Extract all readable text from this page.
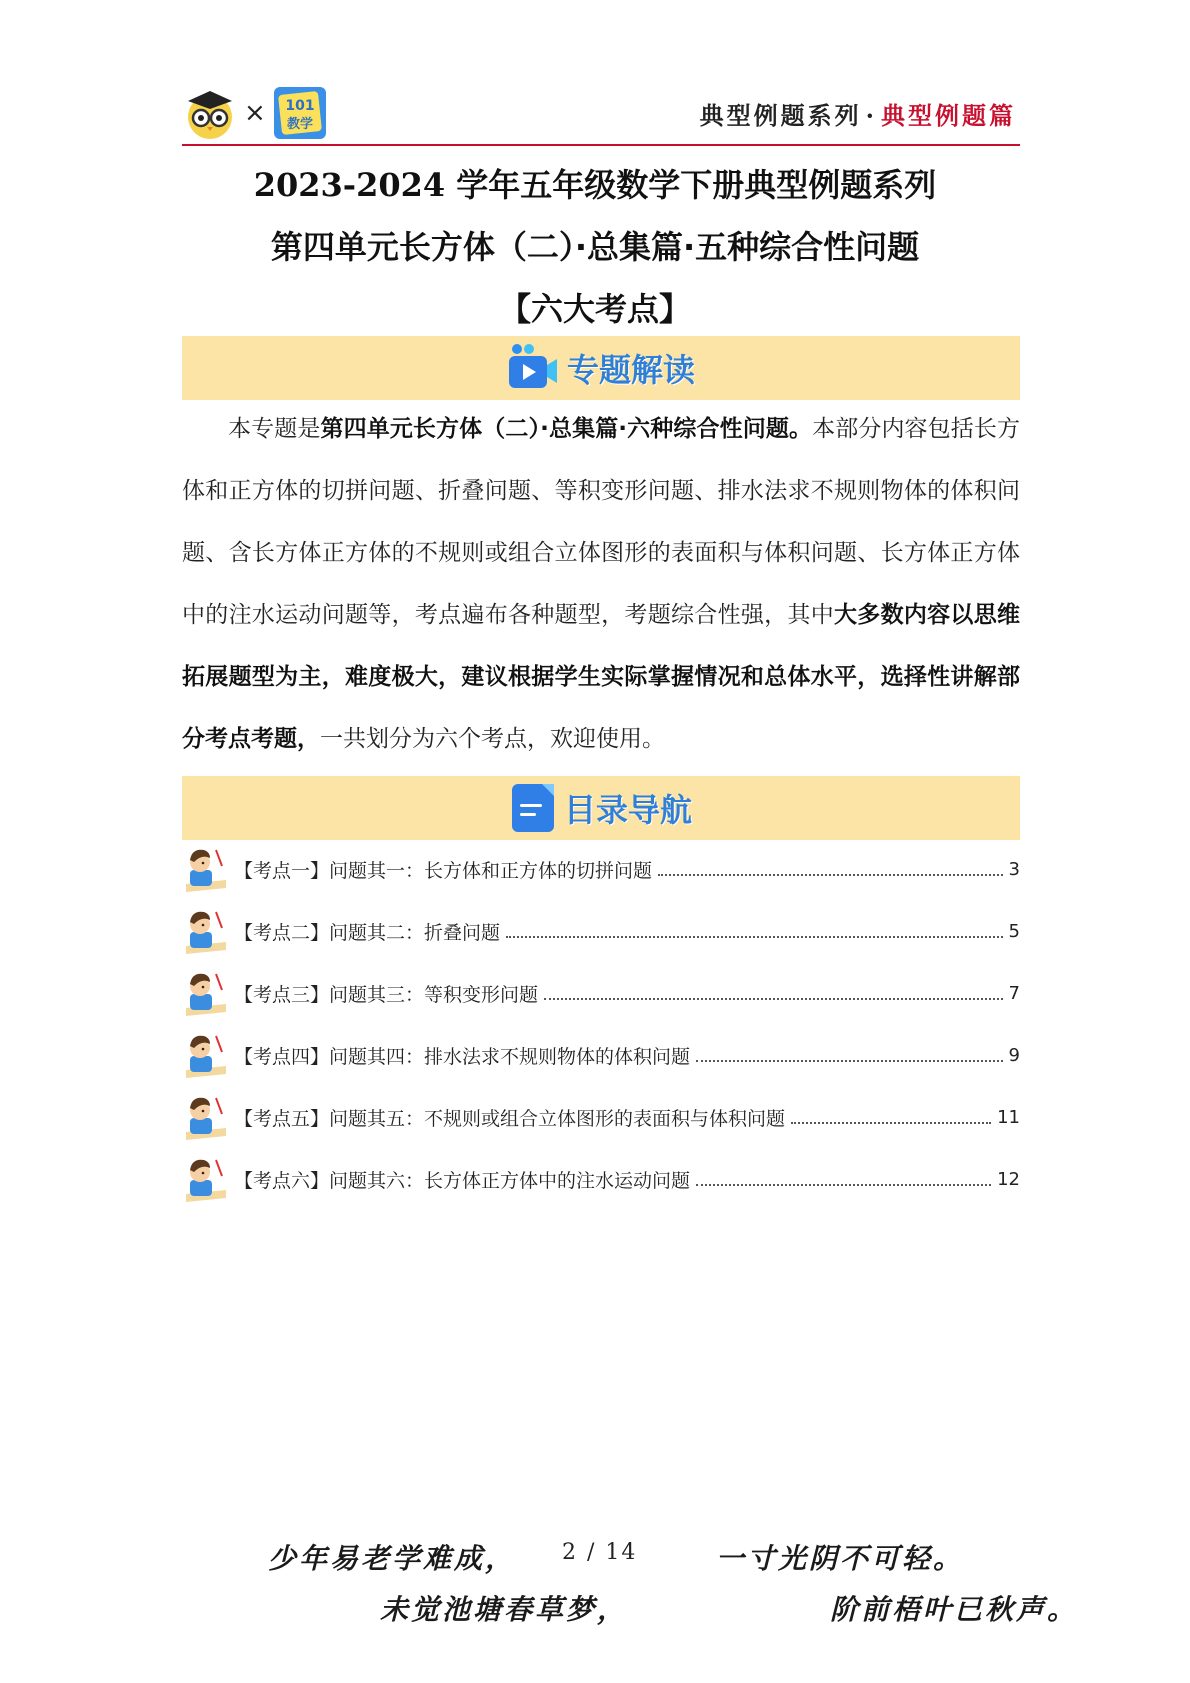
× 101
教学	典型例题系列 · 典型例题篇
2023-2024 学年五年级数学下册典型例题系列
第四单元长方体（二）·总集篇·五种综合性问题
【六大考点】
专题解读
本专题是第四单元长方体（二）·总集篇·六种综合性问题。本部分内容包括长方体和正方体的切拼问题、折叠问题、等积变形问题、排水法求不规则物体的体积问题、含长方体正方体的不规则或组合立体图形的表面积与体积问题、长方体正方体中的注水运动问题等，考点遍布各种题型，考题综合性强，其中大多数内容以思维拓展题型为主，难度极大，建议根据学生实际掌握情况和总体水平，选择性讲解部分考点考题，一共划分为六个考点，欢迎使用。
目录导航
【考点一】问题其一：长方体和正方体的切拼问题	3
【考点二】问题其二：折叠问题	5
【考点三】问题其三：等积变形问题	7
【考点四】问题其四：排水法求不规则物体的体积问题	9
【考点五】问题其五：不规则或组合立体图形的表面积与体积问题	11
【考点六】问题其六：长方体正方体中的注水运动问题	12
少年易老学难成， 2 / 14	一寸光阴不可轻。
未觉池塘春草梦，	阶前梧叶已秋声。
